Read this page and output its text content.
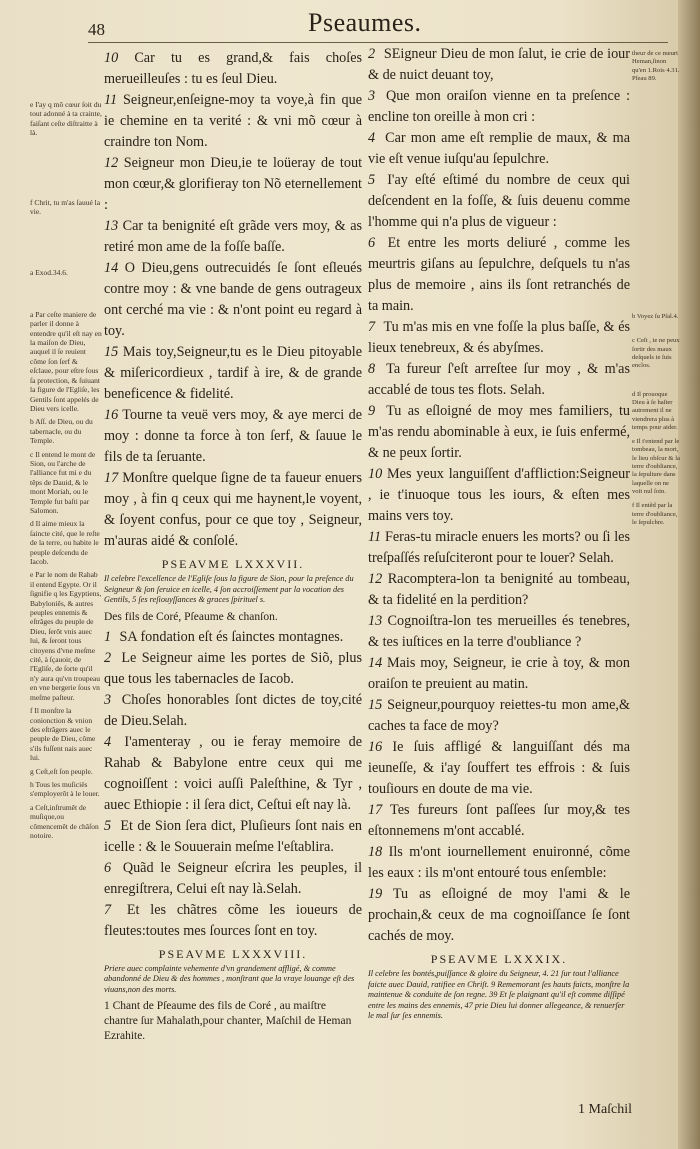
48	Pseaumes.

e I'ay q mõ cœur ſoit du tout adonné à ta crainte, faiſant ceſte diſtraitte à là.

f Chrit, tu m'as ſauué la vie.

a Exod.34.6.

a Par ceſte maniere de parler il donne à entendre qu'il eſt nay en la maiſon de Dieu, auquel il ſe reuient cõme ſon ſerf & eſclaue, pour eſtre ſous ſa protection, & ſuiuant la figure de l'Egliſe, les Gentils ſont appelés de Dieu vers icelle.

b Aſſ. de Dieu, ou du tabernacle, ou du Temple.

c Il entend le mont de Sion, ou l'arche de l'alliance fut mi e du tẽps de Dauid, & le mont Moriah, ou le Temple fut baſti par Salomon.

d Il aime mieux la ſaincte cité, que le reſte de la terre, ou habite le peuple deſcendu de Iacob.

e Par le nom de Rahab il entend Egypte. Or il ſignifie q les Egyptiens, Babyloniẽs, & autres peuples ennemis & eſtrãges du peuple de Dieu, ſerõt vnis auec lui, & ſeront tous citoyens d'vne meſme cité, à ſçauoir, de l'Egliſe, de ſorte qu'il n'y aura qu'vn troupeau en vne bergerie ſous vn meſme paſteur.

f Il monſtre la conionction & vnion des eſtrãgers auec le peuple de Dieu, cõme s'ils fuſſent nais auec lui.

g Ceſt,eſt ſon peuple.

h Tous les muſiciës s'employerõt à le louer.

a Ceſt,inſtrumẽt de muſique,ou cõmencemẽt de chãſon notoire.

10 Car tu es grand,& fais choſes merueilleuſes : tu es ſeul Dieu.

11 Seigneur,enſeigne-moy ta voye,à fin que ie chemine en ta verité : & vni mõ cœur à craindre ton Nom.

12 Seigneur mon Dieu,ie te loüeray de tout mon cœur,& glorifieray ton Nõ eternellement :

13 Car ta benignité eſt grãde vers moy, & as retiré mon ame de la foſſe baſſe.

14 O Dieu,gens outrecuidés ſe ſont eſleués contre moy : & vne bande de gens outrageux ont cerché ma vie : & n'ont point eu regard à toy.

15 Mais toy,Seigneur,tu es le Dieu pitoyable & miſericordieux , tardif à ire, & de grande beneficence & fidelité.

16 Tourne ta veuë vers moy, & aye merci de moy : donne ta force à ton ſerf, & ſauue le fils de ta ſeruante.

17 Monſtre quelque ſigne de ta faueur enuers moy , à fin q ceux qui me haynent,le voyent, & ſoyent confus, pour ce que toy , Seigneur, m'auras aidé & conſolé.

PSEAVME LXXXVII.

Il celebre l'excellence de l'Egliſe ſous la figure de Sion, pour la preſence du Seigneur & ſon ſeruice en icelle, 4 ſon accroiſſement par la vocation des Gentils, 5 ſes reſiouyſſances & graces ſpirituel s.

Des fils de Coré, Pſeaume & chanſon.

1 SA fondation eſt és ſainctes montagnes.

2 Le Seigneur aime les portes de Siõ, plus que tous les tabernacles de Iacob.

3 Choſes honorables ſont dictes de toy,cité de Dieu.Selah.

4 I'amenteray , ou ie feray memoire de Rahab & Babylone entre ceux qui me cognoiſſent : voici auſſi Paleſthine, & Tyr , auec Ethiopie : il ſera dict, Ceſtui eſt nay là.

5 Et de Sion ſera dict, Pluſieurs ſont nais en icelle : & le Souuerain meſme l'eſtablira.

6 Quãd le Seigneur eſcrira les peuples, il enregiſtrera, Celui eſt nay là.Selah.

7 Et les chãtres cõme les ioueurs de fleutes:toutes mes ſources ſont en toy.

PSEAVME LXXXVIII.

Priere auec complainte vehemente d'vn grandement affligé, & comme abandonné de Dieu & des hommes , monſtrant que la vraye louange eſt des viuans,non des morts.

1 Chant de Pſeaume des fils de Coré , au maiſtre chantre ſur Mahalath,pour chanter, Maſchil de Heman Ezrahite.

2 SEigneur Dieu de mon ſalut, ie crie de iour & de nuict deuant toy,

3 Que mon oraiſon vienne en ta preſence : encline ton oreille à mon cri :

4 Car mon ame eſt remplie de maux, & ma vie eſt venue iuſqu'au ſepulchre.

5 I'ay eſté eſtimé du nombre de ceux qui deſcendent en la foſſe, & ſuis deuenu comme l'homme qui n'a plus de vigueur :

6 Et entre les morts deliuré , comme les meurtris giſans au ſepulchre, deſquels tu n'as plus de memoire , ains ils ſont retranchés de ta main.

7 Tu m'as mis en vne foſſe la plus baſſe, & és lieux tenebreux, & és abyſmes.

8 Ta fureur ſ'eſt arreſtee ſur moy , & m'as accablé de tous tes flots. Selah.

9 Tu as eſloigné de moy mes familiers, tu m'as rendu abominable à eux, ie ſuis enfermé, & ne peux ſortir.

10 Mes yeux languiſſent d'affliction:Seigneur , ie t'inuoque tous les iours, & eſten mes mains vers toy.

11 Feras-tu miracle enuers les morts? ou ſi les treſpaſſés reſuſciteront pour te louer? Selah.

12 Racomptera-lon ta benignité au tombeau, & ta fidelité en la perdition?

13 Cognoiſtra-lon tes merueilles és tenebres, & tes iuſtices en la terre d'oubliance ?

14 Mais moy, Seigneur, ie crie à toy, & mon oraiſon te preuient au matin.

15 Seigneur,pourquoy reiettes-tu mon ame,& caches ta face de moy?

16 Ie ſuis affligé & languiſſant dés ma ieuneſſe, & i'ay ſouffert tes effrois : & ſuis touſiours en doute de ma vie.

17 Tes fureurs ſont paſſees ſur moy,& tes eſtonnemens m'ont accablé.

18 Ils m'ont iournellement enuironné, cõme les eaux : ils m'ont entouré tous enſemble:

19 Tu as eſloigné de moy l'ami & le prochain,& ceux de ma cognoiſſance ſe ſont cachés de moy.

PSEAVME LXXXIX.

Il celebre les bontés,puiſſance & gloire du Seigneur, 4. 21 ſur tout l'alliance faicte auec Dauid, ratifiee en Chriſt. 9 Rememorant ſes hauts faicts, monſtre la maintenue & conduite de ſon regne. 39 Et ſe plaignant qu'il eſt comme diſſipé entre les mains des ennemis, 47 prie Dieu lui donner allegeance, & renuerſer le mal ſur ſes ennemis.

theur de ce meurt Heman,ſinon qu'en 1.Rois 4.31. Pſeau 89.

b Voyez ſu Pſal.4.

c Ceſt , ie ne peux ſortir des maux deſquels ie ſuis enclos.

d Il prouoque Dieu à ſe haſter autrement il ne viendrera plus à temps pour aider.

e Il t'entend par le tombeau, la mort, le lieu obſcur & la terre d'oubliance, la ſepulture dans laquelle on ne voit nul ſoin.

f Il entẽd par la terre d'oubliance, le ſepulchre.

1 Maſchil
